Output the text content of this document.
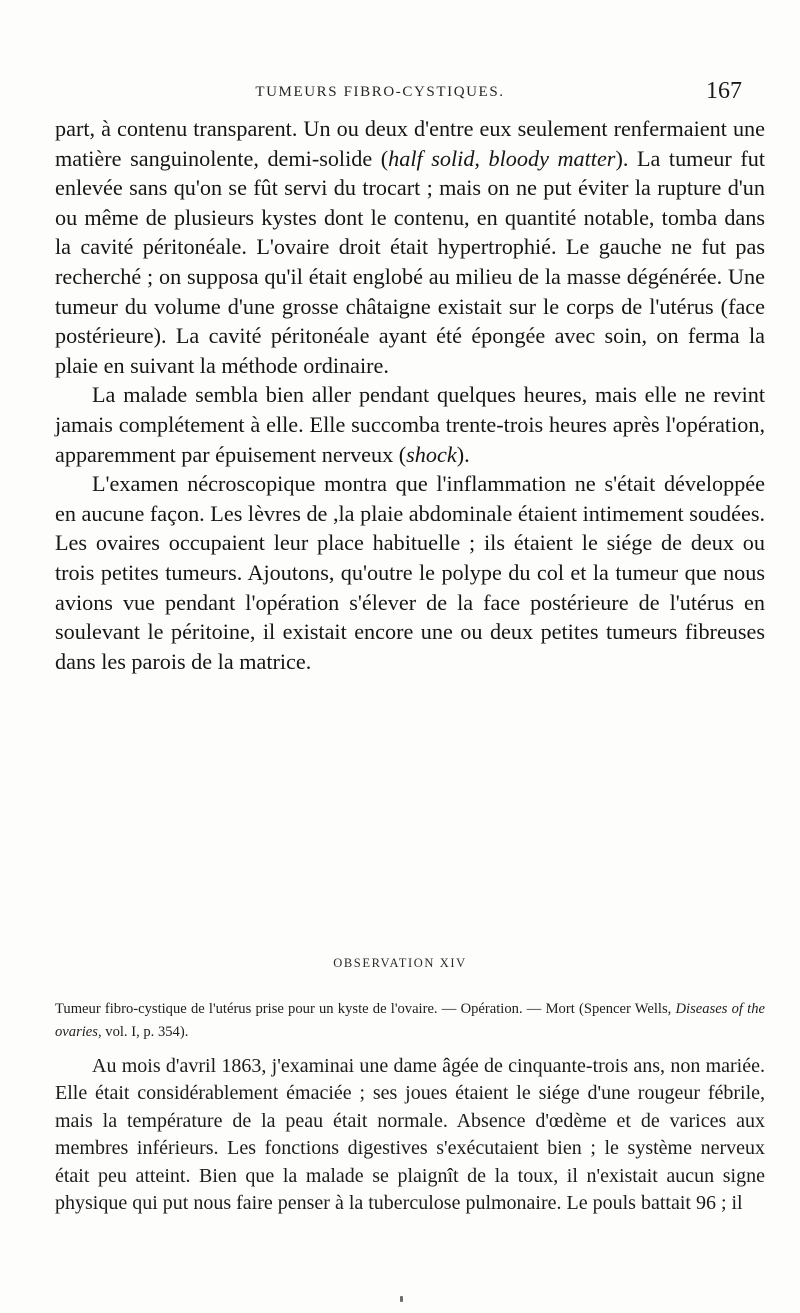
TUMEURS FIBRO-CYSTIQUES.	167

part, à contenu transparent. Un ou deux d'entre eux seulement renfermaient une matière sanguinolente, demi-solide (half solid, bloody matter). La tumeur fut enlevée sans qu'on se fût servi du trocart ; mais on ne put éviter la rupture d'un ou même de plusieurs kystes dont le contenu, en quantité notable, tomba dans la cavité péritonéale. L'ovaire droit était hypertrophié. Le gauche ne fut pas recherché ; on supposa qu'il était englobé au milieu de la masse dégénérée. Une tumeur du volume d'une grosse châtaigne existait sur le corps de l'utérus (face postérieure). La cavité péritonéale ayant été épongée avec soin, on ferma la plaie en suivant la méthode ordinaire.

La malade sembla bien aller pendant quelques heures, mais elle ne revint jamais complétement à elle. Elle succomba trente-trois heures après l'opération, apparemment par épuisement nerveux (shock).

L'examen nécroscopique montra que l'inflammation ne s'était développée en aucune façon. Les lèvres de ,la plaie abdominale étaient intimement soudées. Les ovaires occupaient leur place habituelle ; ils étaient le siége de deux ou trois petites tumeurs. Ajoutons, qu'outre le polype du col et la tumeur que nous avions vue pendant l'opération s'élever de la face postérieure de l'utérus en soulevant le péritoine, il existait encore une ou deux petites tumeurs fibreuses dans les parois de la matrice.

OBSERVATION XIV
Tumeur fibro-cystique de l'utérus prise pour un kyste de l'ovaire. — Opération. — Mort (Spencer Wells, Diseases of the ovaries, vol. I, p. 354).

Au mois d'avril 1863, j'examinai une dame âgée de cinquante-trois ans, non mariée. Elle était considérablement émaciée ; ses joues étaient le siége d'une rougeur fébrile, mais la température de la peau était normale. Absence d'œdème et de varices aux membres inférieurs. Les fonctions digestives s'exécutaient bien ; le système nerveux était peu atteint. Bien que la malade se plaignît de la toux, il n'existait aucun signe physique qui put nous faire penser à la tuberculose pulmonaire. Le pouls battait 96 ; il
